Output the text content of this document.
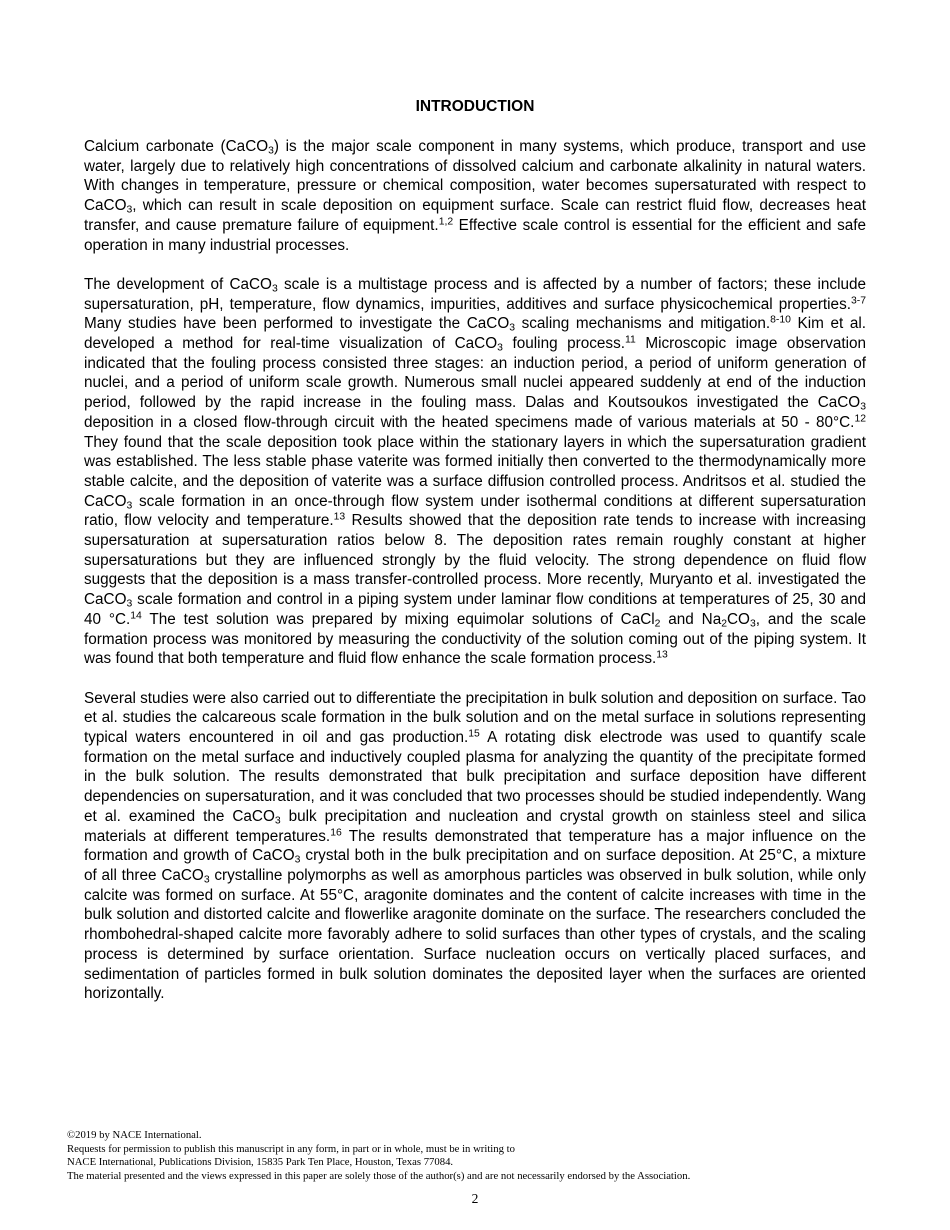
INTRODUCTION

Calcium carbonate (CaCO$_3$) is the major scale component in many systems, which produce, transport and use water, largely due to relatively high concentrations of dissolved calcium and carbonate alkalinity in natural waters. With changes in temperature, pressure or chemical composition, water becomes supersaturated with respect to CaCO$_3$, which can result in scale deposition on equipment surface. Scale can restrict fluid flow, decreases heat transfer, and cause premature failure of equipment.$^{1,2}$ Effective scale control is essential for the efficient and safe operation in many industrial processes.

The development of CaCO$_3$ scale is a multistage process and is affected by a number of factors; these include supersaturation, pH, temperature, flow dynamics, impurities, additives and surface physicochemical properties.$^{3-7}$ Many studies have been performed to investigate the CaCO$_3$ scaling mechanisms and mitigation.$^{8-10}$ Kim et al. developed a method for real-time visualization of CaCO$_3$ fouling process.$^{11}$ Microscopic image observation indicated that the fouling process consisted three stages: an induction period, a period of uniform generation of nuclei, and a period of uniform scale growth. Numerous small nuclei appeared suddenly at end of the induction period, followed by the rapid increase in the fouling mass. Dalas and Koutsoukos investigated the CaCO$_3$ deposition in a closed flow-through circuit with the heated specimens made of various materials at 50 - 80°C.$^{12}$ They found that the scale deposition took place within the stationary layers in which the supersaturation gradient was established. The less stable phase vaterite was formed initially then converted to the thermodynamically more stable calcite, and the deposition of vaterite was a surface diffusion controlled process. Andritsos et al. studied the CaCO$_3$ scale formation in an once-through flow system under isothermal conditions at different supersaturation ratio, flow velocity and temperature.$^{13}$ Results showed that the deposition rate tends to increase with increasing supersaturation at supersaturation ratios below 8. The deposition rates remain roughly constant at higher supersaturations but they are influenced strongly by the fluid velocity. The strong dependence on fluid flow suggests that the deposition is a mass transfer-controlled process. More recently, Muryanto et al. investigated the CaCO$_3$ scale formation and control in a piping system under laminar flow conditions at temperatures of 25, 30 and 40 °C.$^{14}$ The test solution was prepared by mixing equimolar solutions of CaCl$_2$ and $Na_2CO_3$, and the scale formation process was monitored by measuring the conductivity of the solution coming out of the piping system. It was found that both temperature and fluid flow enhance the scale formation process.$^{13}$

Several studies were also carried out to differentiate the precipitation in bulk solution and deposition on surface. Tao et al. studies the calcareous scale formation in the bulk solution and on the metal surface in solutions representing typical waters encountered in oil and gas production.$^{15}$ A rotating disk electrode was used to quantify scale formation on the metal surface and inductively coupled plasma for analyzing the quantity of the precipitate formed in the bulk solution. The results demonstrated that bulk precipitation and surface deposition have different dependencies on supersaturation, and it was concluded that two processes should be studied independently. Wang et al. examined the CaCO$_3$ bulk precipitation and nucleation and crystal growth on stainless steel and silica materials at different temperatures.$^{16}$ The results demonstrated that temperature has a major influence on the formation and growth of CaCO$_3$ crystal both in the bulk precipitation and on surface deposition. At 25°C, a mixture of all three CaCO$_3$ crystalline polymorphs as well as amorphous particles was observed in bulk solution, while only calcite was formed on surface. At 55°C, aragonite dominates and the content of calcite increases with time in the bulk solution and distorted calcite and flowerlike aragonite dominate on the surface. The researchers concluded the rhombohedral-shaped calcite more favorably adhere to solid surfaces than other types of crystals, and the scaling process is determined by surface orientation. Surface nucleation occurs on vertically placed surfaces, and sedimentation of particles formed in bulk solution dominates the deposited layer when the surfaces are oriented horizontally.

©2019 by NACE International.
Requests for permission to publish this manuscript in any form, in part or in whole, must be in writing to
NACE International, Publications Division, 15835 Park Ten Place, Houston, Texas 77084.
The material presented and the views expressed in this paper are solely those of the author(s) and are not necessarily endorsed by the Association.
2
